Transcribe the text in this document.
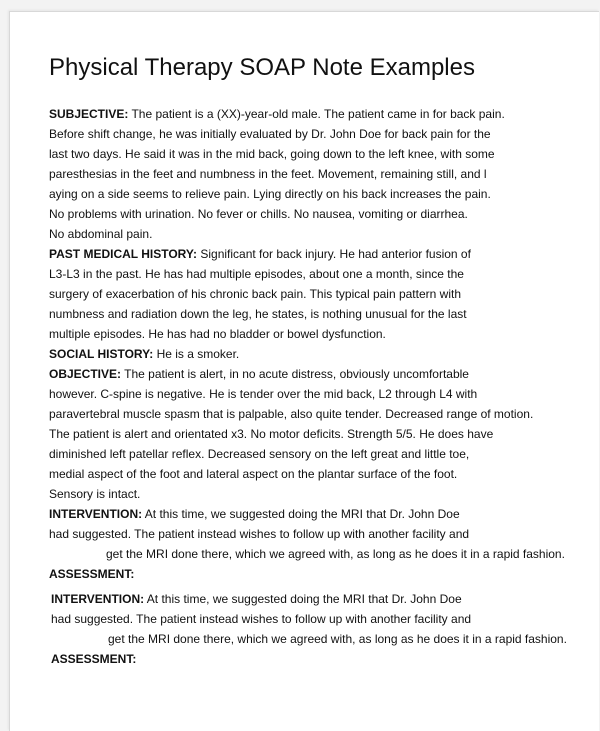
Physical Therapy SOAP Note Examples
SUBJECTIVE: The patient is a (XX)-year-old male. The patient came in for back pain.
Before shift change, he was initially evaluated by Dr. John Doe for back pain for the
last two days. He said it was in the mid back, going down to the left knee, with some
paresthesias in the feet and numbness in the feet. Movement, remaining still, and l
aying on a side seems to relieve pain. Lying directly on his back increases the pain.
No problems with urination. No fever or chills. No nausea, vomiting or diarrhea.
No abdominal pain.
PAST MEDICAL HISTORY: Significant for back injury. He had anterior fusion of
L3-L3 in the past. He has had multiple episodes, about one a month, since the
surgery of exacerbation of his chronic back pain. This typical pain pattern with
numbness and radiation down the leg, he states, is nothing unusual for the last
multiple episodes. He has had no bladder or bowel dysfunction.
SOCIAL HISTORY: He is a smoker.
OBJECTIVE: The patient is alert, in no acute distress, obviously uncomfortable
however. C-spine is negative. He is tender over the mid back, L2 through L4 with
paravertebral muscle spasm that is palpable, also quite tender. Decreased range of motion.
The patient is alert and orientated x3. No motor deficits. Strength 5/5. He does have
diminished left patellar reflex. Decreased sensory on the left great and little toe,
medial aspect of the foot and lateral aspect on the plantar surface of the foot.
Sensory is intact.
INTERVENTION: At this time, we suggested doing the MRI that Dr. John Doe
had suggested. The patient instead wishes to follow up with another facility and
get the MRI done there, which we agreed with, as long as he does it in a rapid fashion.
ASSESSMENT:
INTERVENTION: At this time, we suggested doing the MRI that Dr. John Doe
had suggested. The patient instead wishes to follow up with another facility and
get the MRI done there, which we agreed with, as long as he does it in a rapid fashion.
ASSESSMENT:
